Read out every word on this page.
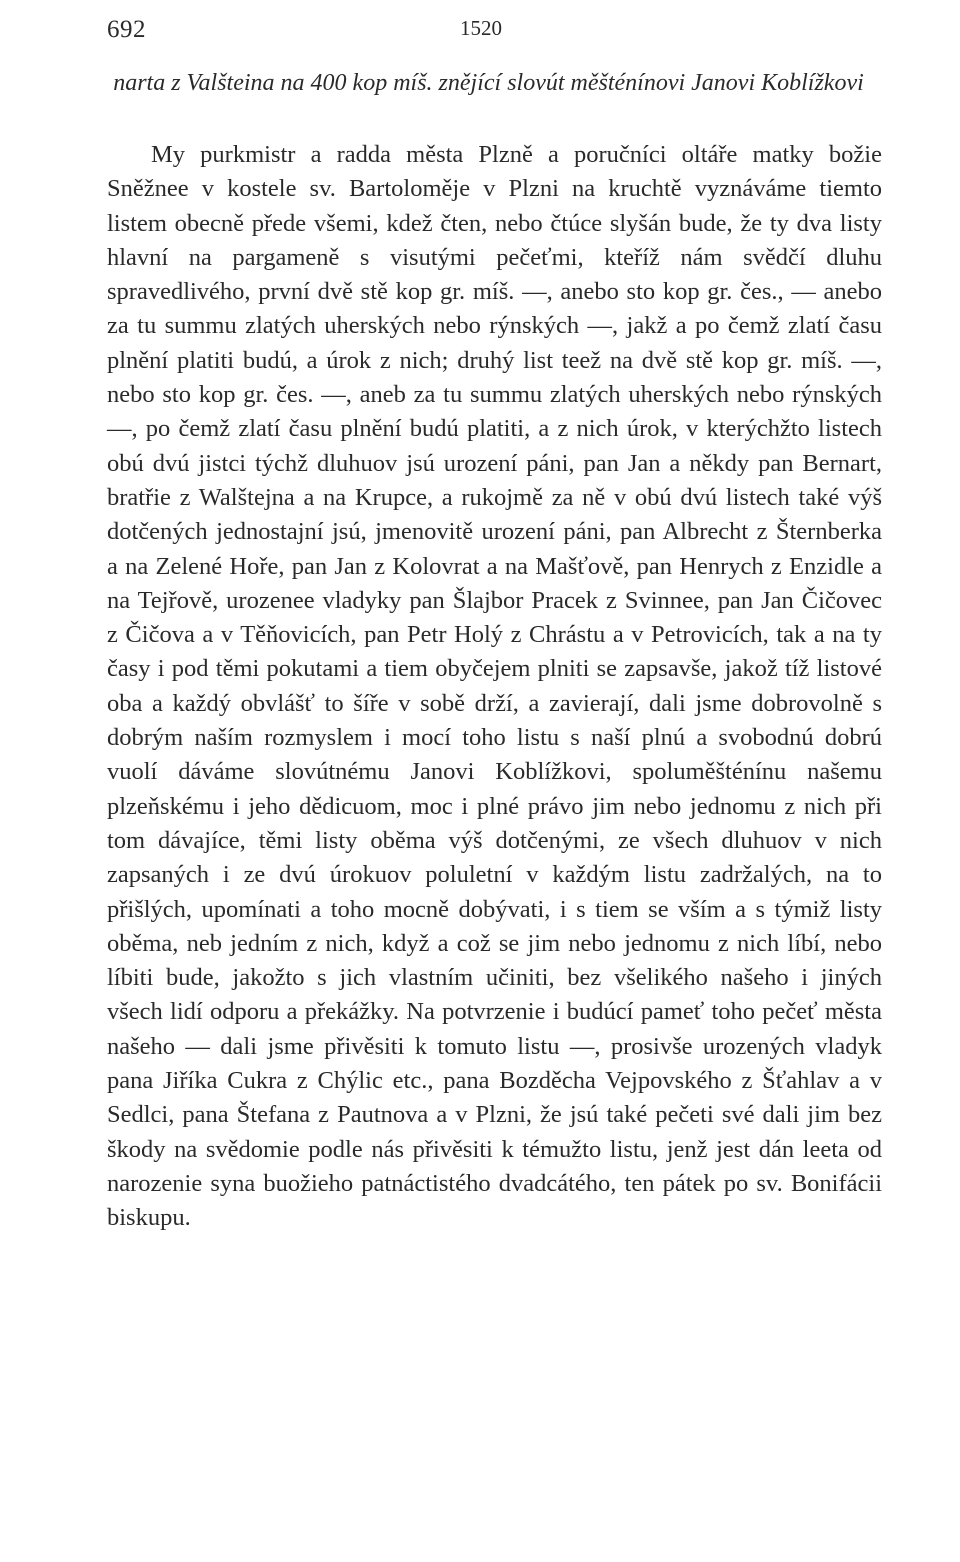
692	1520
narta z Valšteina na 400 kop míš. znějící slovút měšténínovi Janovi Koblížkovi
My purkmistr a radda města Plzně a poručníci oltáře matky božie Sněžnee v kostele sv. Bartoloměje v Plzni na kruchtě vyznáváme tiemto listem obecně přede všemi, kdež čten, nebo čtúce slyšán bude, že ty dva listy hlavní na pargameně s visutými pečeťmi, kteříž nám svědčí dluhu spravedlivého, první dvě stě kop gr. míš. —, anebo sto kop gr. čes., — anebo za tu summu zlatých uherských nebo rýnských —, jakž a po čemž zlatí času plnění platiti budú, a úrok z nich; druhý list teež na dvě stě kop gr. míš. —, nebo sto kop gr. čes. —, aneb za tu summu zlatých uherských nebo rýnských —, po čemž zlatí času plnění budú platiti, a z nich úrok, v kterýchžto listech obú dvú jistci týchž dluhuov jsú urození páni, pan Jan a někdy pan Bernart, bratřie z Walštejna a na Krupce, a rukojmě za ně v obú dvú listech také výš dotčených jednostajní jsú, jmenovitě urození páni, pan Albrecht z Šternberka a na Zelené Hoře, pan Jan z Kolovrat a na Mašťově, pan Henrych z Enzidle a na Tejřově, urozenee vladyky pan Šlajbor Pracek z Svinnee, pan Jan Čičovec z Čičova a v Těňovicích, pan Petr Holý z Chrástu a v Petrovicích, tak a na ty časy i pod těmi pokutami a tiem obyčejem plniti se zapsavše, jakož tíž listové oba a každý obvlášť to šíře v sobě drží, a zavierají, dali jsme dobrovolně s dobrým naším rozmyslem i mocí toho listu s naší plnú a svobodnú dobrú vuolí dáváme slovútnému Janovi Koblížkovi, spoluměšténínu našemu plzeňskému i jeho dědicuom, moc i plné právo jim nebo jednomu z nich při tom dávajíce, těmi listy oběma výš dotčenými, ze všech dluhuov v nich zapsaných i ze dvú úrokuov poluletní v každým listu zadržalých, na to přišlých, upomínati a toho mocně dobývati, i s tiem se vším a s týmiž listy oběma, neb jedním z nich, když a což se jim nebo jednomu z nich líbí, nebo líbiti bude, jakožto s jich vlastním učiniti, bez všelikého našeho i jiných všech lidí odporu a překážky. Na potvrzenie i budúcí pameť toho pečeť města našeho — dali jsme přivěsiti k tomuto listu —, prosivše urozených vladyk pana Jiříka Cukra z Chýlic etc., pana Bozděcha Vejpovského z Šťahlav a v Sedlci, pana Štefana z Pautnova a v Plzni, že jsú také pečeti své dali jim bez škody na svědomie podle nás přivěsiti k témužto listu, jenž jest dán leeta od narozenie syna buožieho patnáctistého dvadcátého, ten pátek po sv. Bonifácii biskupu.
